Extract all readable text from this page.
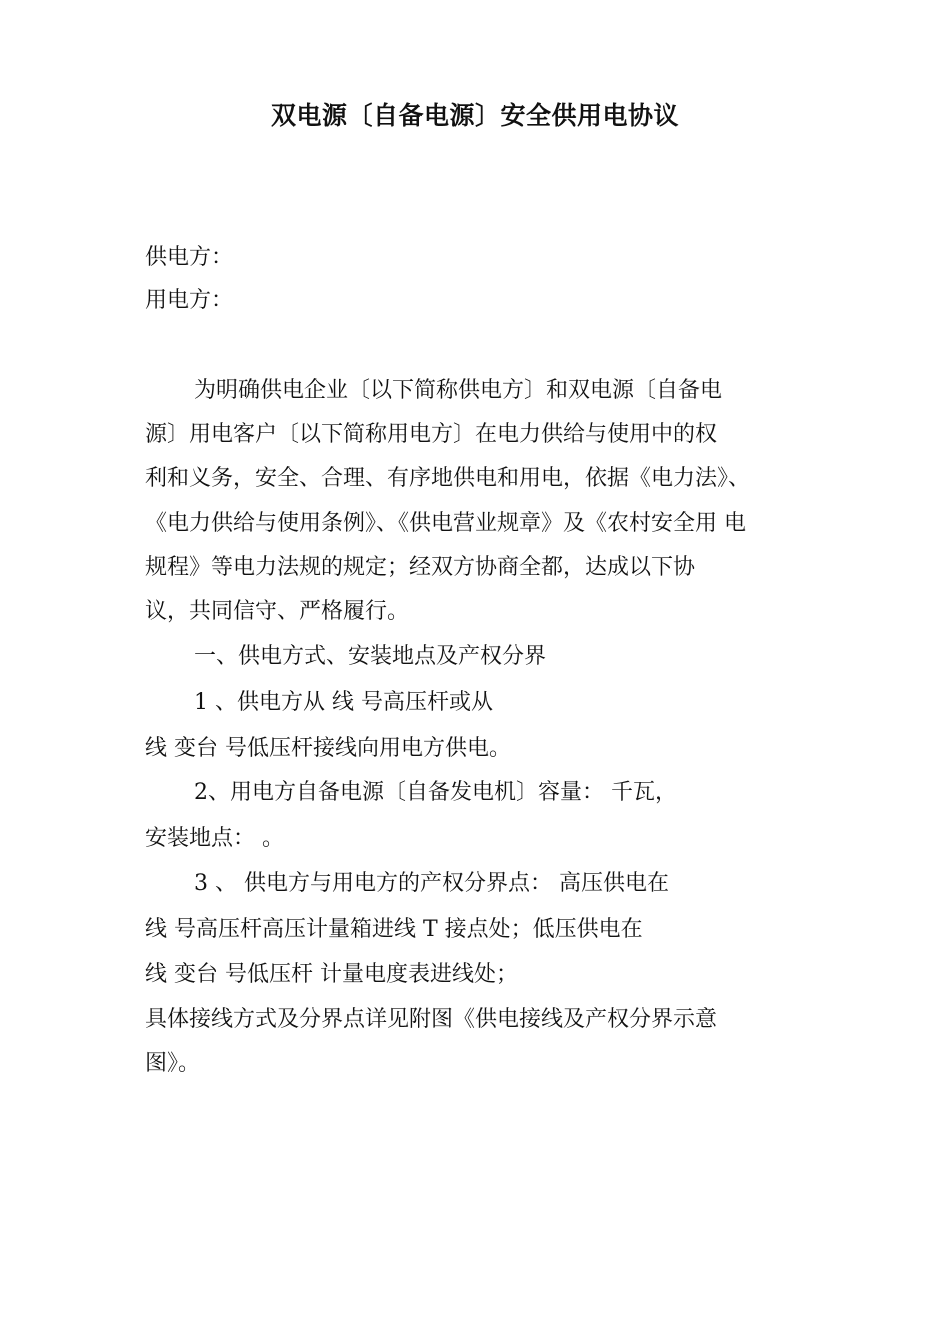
双电源〔自备电源〕安全供用电协议
供电方：
用电方：
为明确供电企业〔以下简称供电方〕和双电源〔自备电
源〕用电客户〔以下简称用电方〕在电力供给与使用中的权
利和义务，安全、合理、有序地供电和用电，依据《电力法》、
《电力供给与使用条例》、《供电营业规章》及《农村安全用 电
规程》等电力法规的规定；经双方协商全都，达成以下协
议，共同信守、严格履行。
一、供电方式、安装地点及产权分界
1 、供电方从 线 号高压杆或从
线 变台 号低压杆接线向用电方供电。
2、用电方自备电源〔自备发电机〕容量： 千瓦，
安装地点： 。
3 、 供电方与用电方的产权分界点： 高压供电在
线 号高压杆高压计量箱进线 T 接点处；低压供电在
线 变台 号低压杆 计量电度表进线处；
具体接线方式及分界点详见附图《供电接线及产权分界示意
图》。
